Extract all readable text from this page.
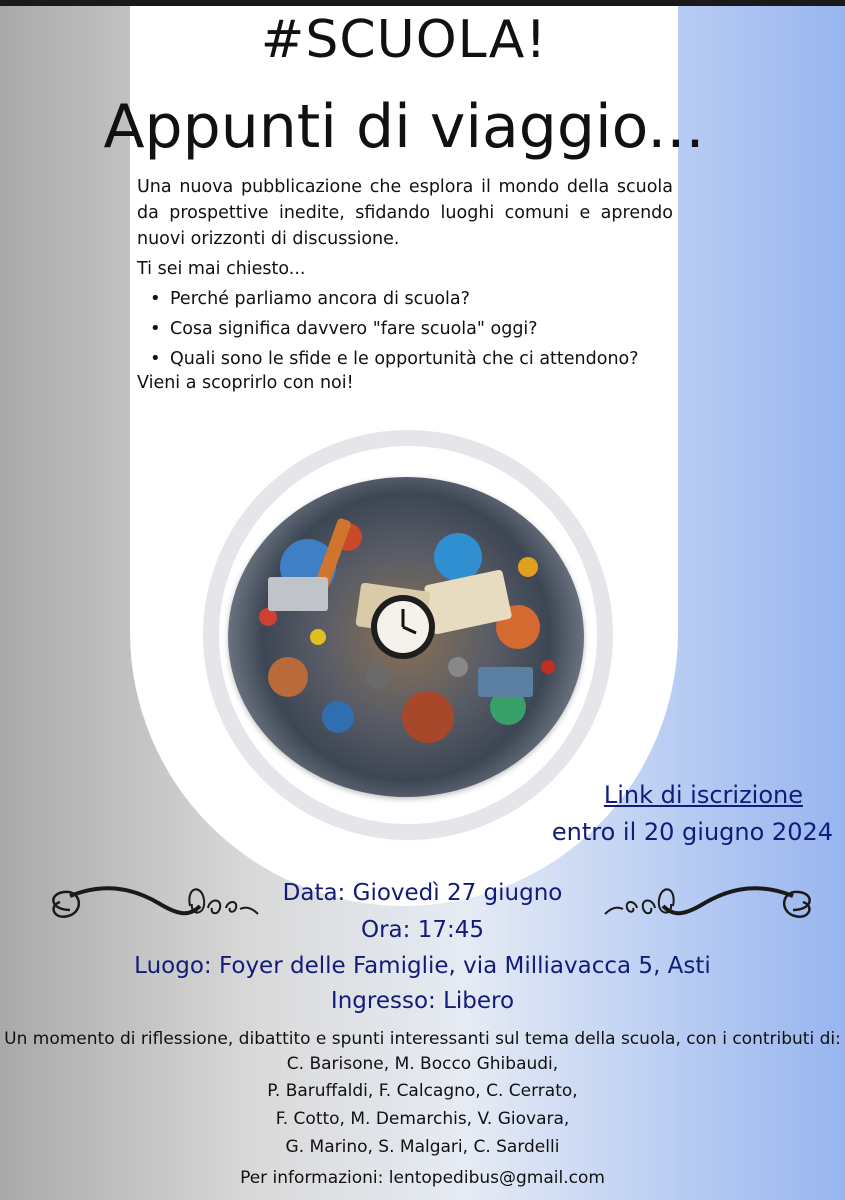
#SCUOLA!
Appunti di viaggio...
Una nuova pubblicazione che esplora il mondo della scuola da prospettive inedite, sfidando luoghi comuni e aprendo nuovi orizzonti di discussione.
Ti sei mai chiesto...
• Perché parliamo ancora di scuola?
• Cosa significa davvero "fare scuola" oggi?
• Quali sono le sfide e le opportunità che ci attendono?
Vieni a scoprirlo con noi!
Link di iscrizione
entro il 20 giugno 2024
Data: Giovedì 27 giugno
Ora: 17:45
Luogo: Foyer delle Famiglie, via Milliavacca 5, Asti
Ingresso: Libero
Un momento di riflessione, dibattito e spunti interessanti sul tema della scuola, con i contributi di:
C. Barisone, M. Bocco Ghibaudi,
P. Baruffaldi, F. Calcagno, C. Cerrato,
F. Cotto, M. Demarchis, V. Giovara,
G. Marino, S. Malgari, C. Sardelli
Per informazioni: lentopedibus@gmail.com
